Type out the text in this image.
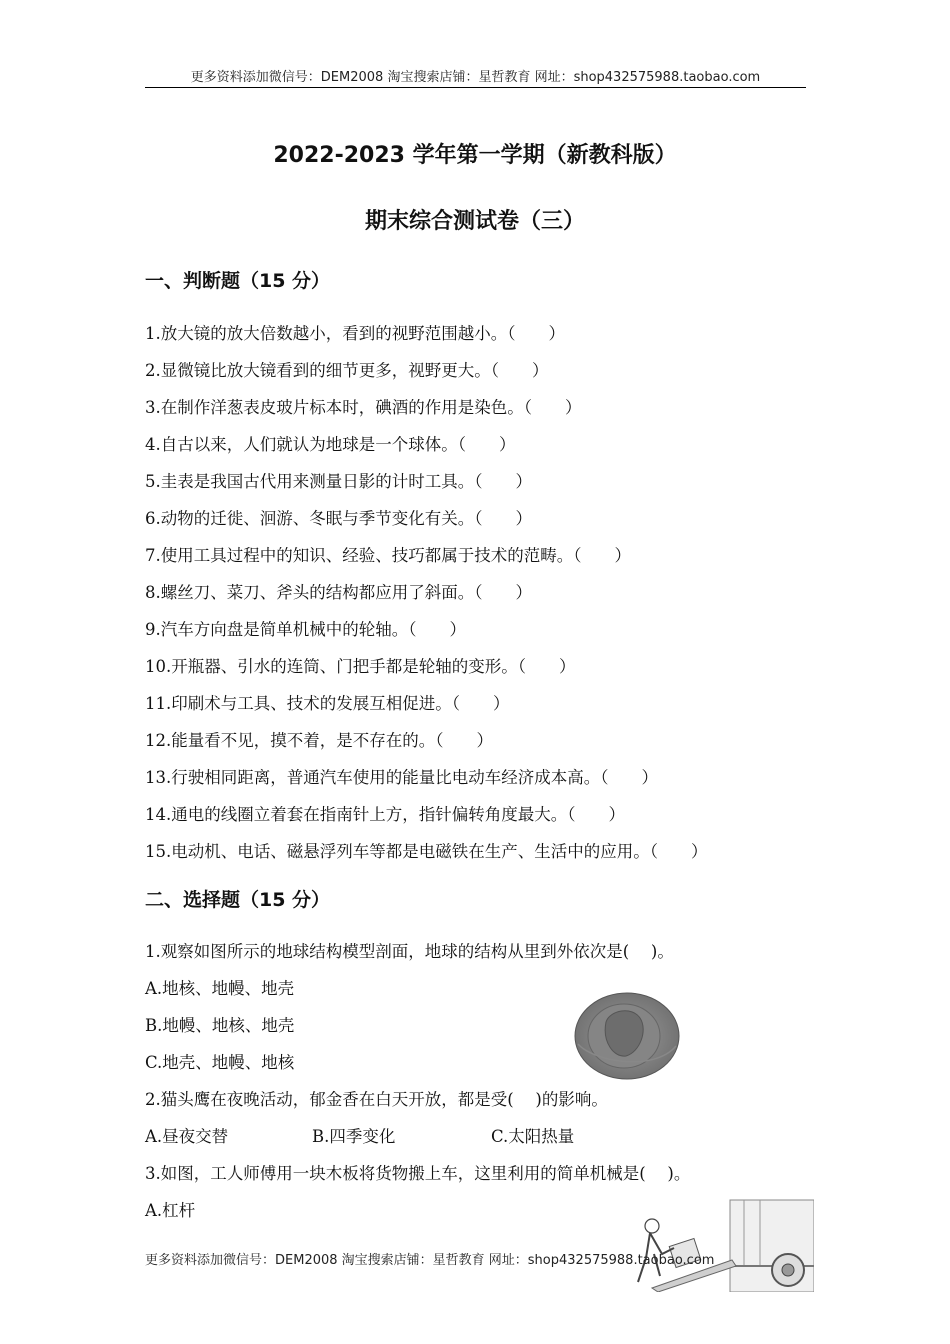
更多资料添加微信号：DEM2008 淘宝搜索店铺：星哲教育 网址：shop432575988.taobao.com
2022-2023 学年第一学期（新教科版）
期末综合测试卷（三）
一、判断题（15 分）
1.放大镜的放大倍数越小，看到的视野范围越小。（　　）
2.显微镜比放大镜看到的细节更多，视野更大。（　　）
3.在制作洋葱表皮玻片标本时，碘酒的作用是染色。（　　）
4.自古以来，人们就认为地球是一个球体。（　　）
5.圭表是我国古代用来测量日影的计时工具。（　　）
6.动物的迁徙、洄游、冬眠与季节变化有关。（　　）
7.使用工具过程中的知识、经验、技巧都属于技术的范畴。（　　）
8.螺丝刀、菜刀、斧头的结构都应用了斜面。（　　）
9.汽车方向盘是简单机械中的轮轴。（　　）
10.开瓶器、引水的连筒、门把手都是轮轴的变形。（　　）
11.印刷术与工具、技术的发展互相促进。（　　）
12.能量看不见，摸不着，是不存在的。（　　）
13.行驶相同距离，普通汽车使用的能量比电动车经济成本高。（　　）
14.通电的线圈立着套在指南针上方，指针偏转角度最大。（　　）
15.电动机、电话、磁悬浮列车等都是电磁铁在生产、生活中的应用。（　　）
二、选择题（15 分）
1.观察如图所示的地球结构模型剖面，地球的结构从里到外依次是(　 )。
A.地核、地幔、地壳
B.地幔、地核、地壳
C.地壳、地幔、地核
2.猫头鹰在夜晚活动，郁金香在白天开放，都是受(　 )的影响。
A.昼夜交替	B.四季变化	C.太阳热量
3.如图，工人师傅用一块木板将货物搬上车，这里利用的简单机械是(　 )。
A.杠杆
更多资料添加微信号：DEM2008 淘宝搜索店铺：星哲教育 网址：shop432575988.taobao.com
